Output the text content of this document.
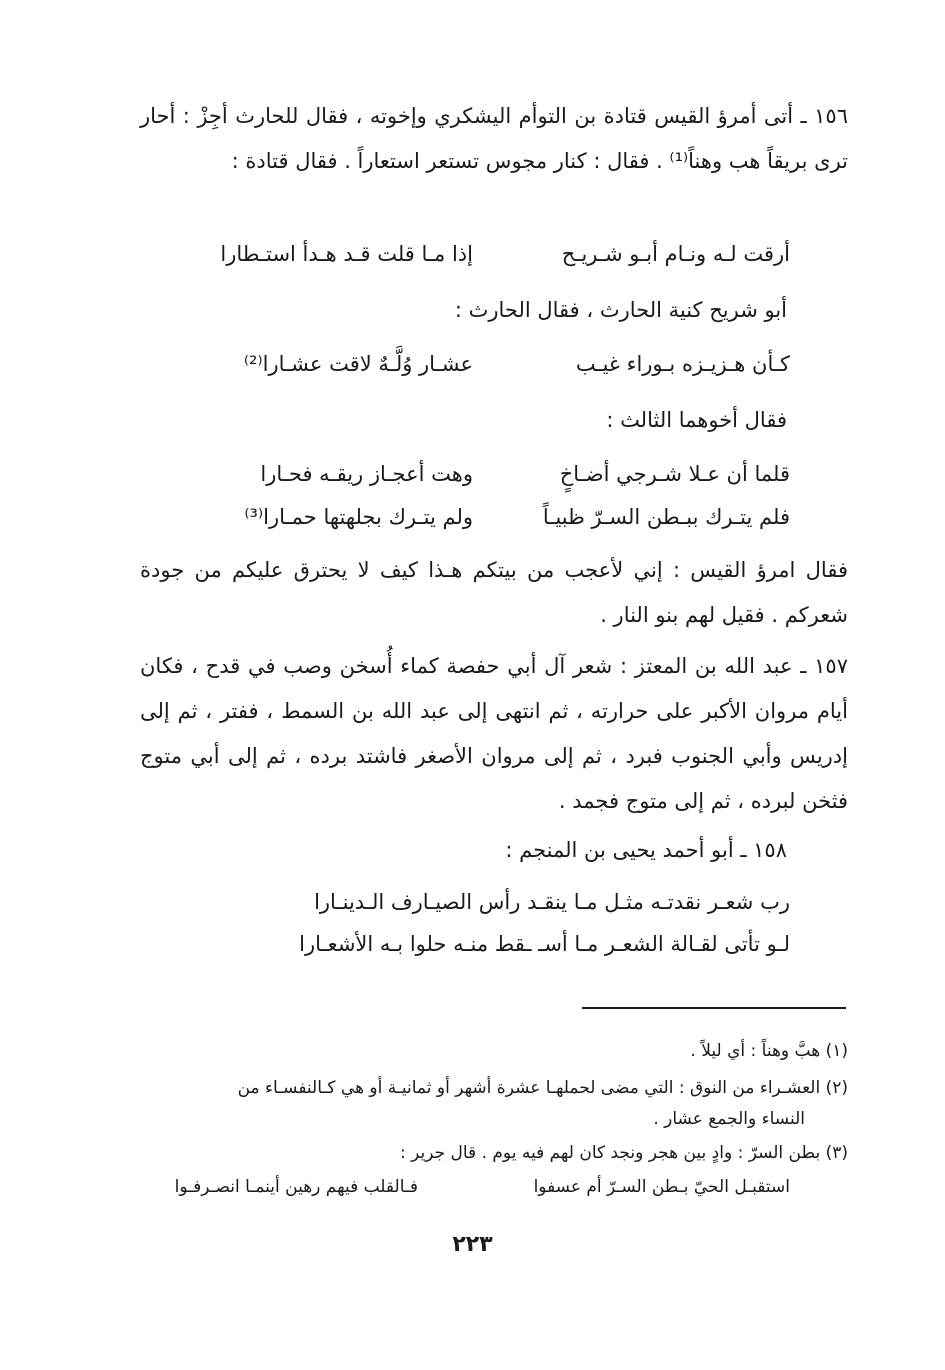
١٥٦ ـ أتى أمرؤ القيس قتادة بن التوأم اليشكري وإخوته ، فقال للحارث أجِزْ : أحار ترى بريقاً هب وهناً⁽¹⁾ . فقال : كنار مجوس تستعر استعاراً . فقال قتادة :

أرقت لـه ونـام أبـو شـريـح
إذا مـا قلت قـد هـدأ استـطارا

أبو شريح كنية الحارث ، فقال الحارث :

كـأن هـزيـزه بـوراء غيـب
عشـار وُلَّـهٌ لاقت عشـارا⁽²⁾

فقال أخوهما الثالث :

قلما أن عـلا شـرجي أضـاخٍ
وهت أعجـاز ريقـه فحـارا
فلم يتـرك ببـطن السـرّ ظبيـاً
ولم يتـرك بجلهتها حمـارا⁽³⁾

فقال امرؤ القيس : إني لأعجب من بيتكم هـذا كيف لا يحترق عليكم من جودة شعركم . فقيل لهم بنو النار .

١٥٧ ـ عبد الله بن المعتز : شعر آل أبي حفصة كماء أُسخن وصب في قدح ، فكان أيام مروان الأكبر على حرارته ، ثم انتهى إلى عبد الله بن السمط ، ففتر ، ثم إلى إدريس وأبي الجنوب فبرد ، ثم إلى مروان الأصغر فاشتد برده ، ثم إلى أبي متوج فثخن لبرده ، ثم إلى متوج فجمد .

١٥٨ ـ أبو أحمد يحيى بن المنجم :

رب شعـر نقدتـه مثـل مـا ينقـد رأس الصيـارف الـدينـارا
لـو تأتى لقـالة الشعـر مـا أسـ ـقط منـه حلوا بـه الأشعـارا

(١) هبَّ وهناً : أي ليلاً .

(٢) العشـراء من النوق : التي مضى لحملهـا عشرة أشهر أو ثمانيـة أو هي كـالنفسـاء من

النساء والجمع عشار .

(٣) بطن السرّ : وادٍ بين هجر ونجد كان لهم فيه يوم . قال جرير :

استقبـل الحيّ بـطن السـرّ أم عسفوا
فـالقلب فيهم رهين أينمـا انصـرفـوا
٢٢٣
